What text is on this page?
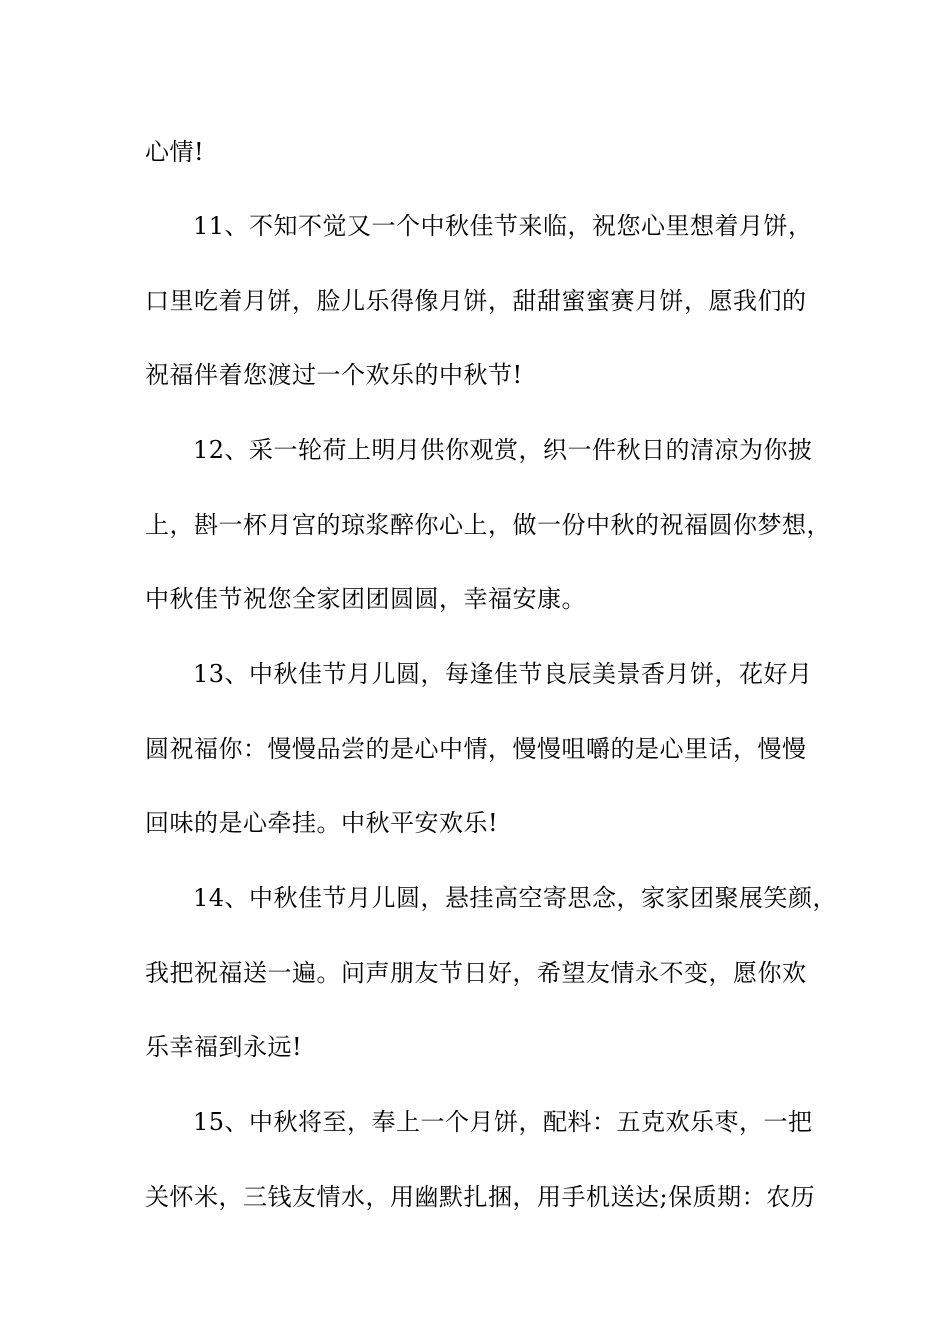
心情!
11、不知不觉又一个中秋佳节来临，祝您心里想着月饼，
口里吃着月饼，脸儿乐得像月饼，甜甜蜜蜜赛月饼，愿我们的
祝福伴着您渡过一个欢乐的中秋节!
12、采一轮荷上明月供你观赏，织一件秋日的清凉为你披
上，斟一杯月宫的琼浆醉你心上，做一份中秋的祝福圆你梦想，
中秋佳节祝您全家团团圆圆，幸福安康。
13、中秋佳节月儿圆，每逢佳节良辰美景香月饼，花好月
圆祝福你：慢慢品尝的是心中情，慢慢咀嚼的是心里话，慢慢
回味的是心牵挂。中秋平安欢乐!
14、中秋佳节月儿圆，悬挂高空寄思念，家家团聚展笑颜，
我把祝福送一遍。问声朋友节日好，希望友情永不变，愿你欢
乐幸福到永远!
15、中秋将至，奉上一个月饼，配料：五克欢乐枣，一把
关怀米，三钱友情水，用幽默扎捆，用手机送达;保质期：农历
